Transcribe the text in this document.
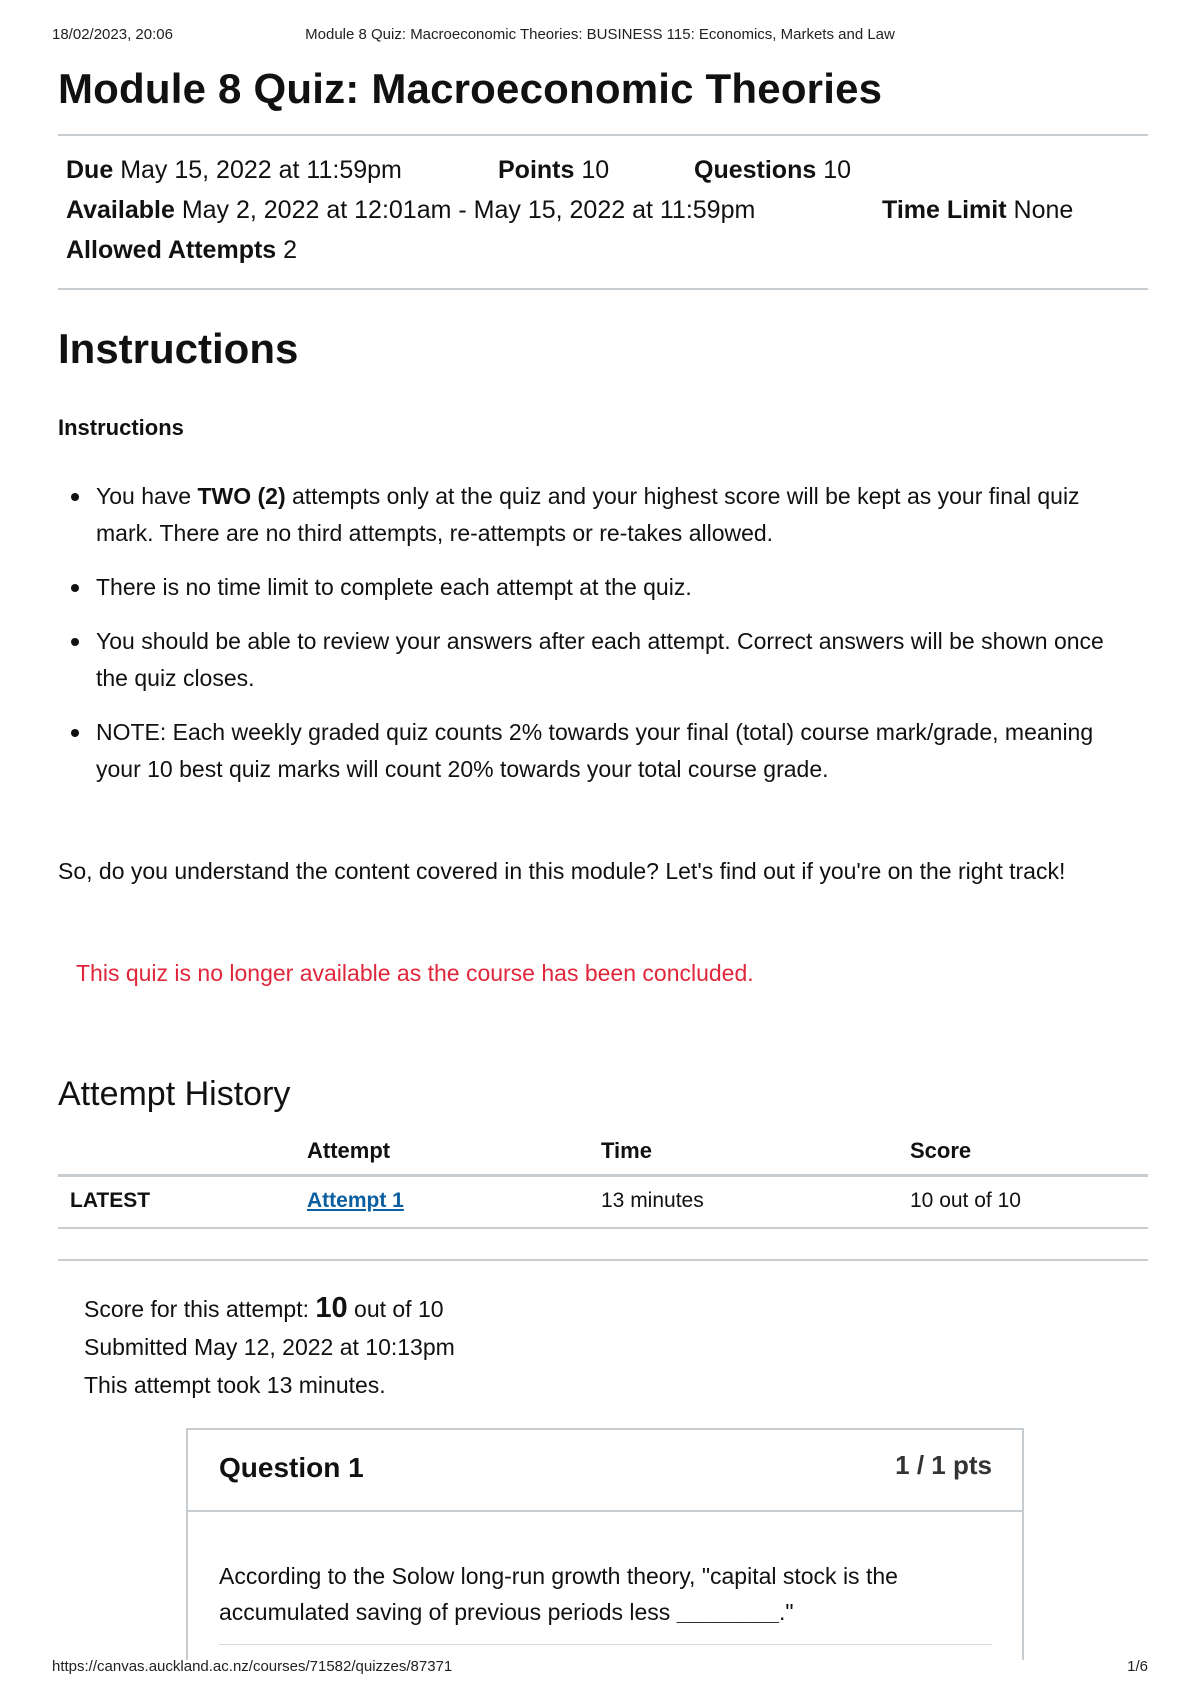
18/02/2023, 20:06	Module 8 Quiz: Macroeconomic Theories: BUSINESS 115: Economics, Markets and Law
Module 8 Quiz: Macroeconomic Theories
Due May 15, 2022 at 11:59pm	Points 10	Questions 10
Available May 2, 2022 at 12:01am - May 15, 2022 at 11:59pm	Time Limit None
Allowed Attempts 2
Instructions
Instructions
You have TWO (2) attempts only at the quiz and your highest score will be kept as your final quiz mark. There are no third attempts, re-attempts or re-takes allowed.
There is no time limit to complete each attempt at the quiz.
You should be able to review your answers after each attempt. Correct answers will be shown once the quiz closes.
NOTE: Each weekly graded quiz counts 2% towards your final (total) course mark/grade, meaning your 10 best quiz marks will count 20% towards your total course grade.
So, do you understand the content covered in this module? Let's find out if you're on the right track!
This quiz is no longer available as the course has been concluded.
Attempt History
	Attempt	Time	Score
LATEST	Attempt 1	13 minutes	10 out of 10
Score for this attempt: 10 out of 10
Submitted May 12, 2022 at 10:13pm
This attempt took 13 minutes.
Question 1	1 / 1 pts
According to the Solow long-run growth theory, "capital stock is the accumulated saving of previous periods less ________."
https://canvas.auckland.ac.nz/courses/71582/quizzes/87371	1/6
